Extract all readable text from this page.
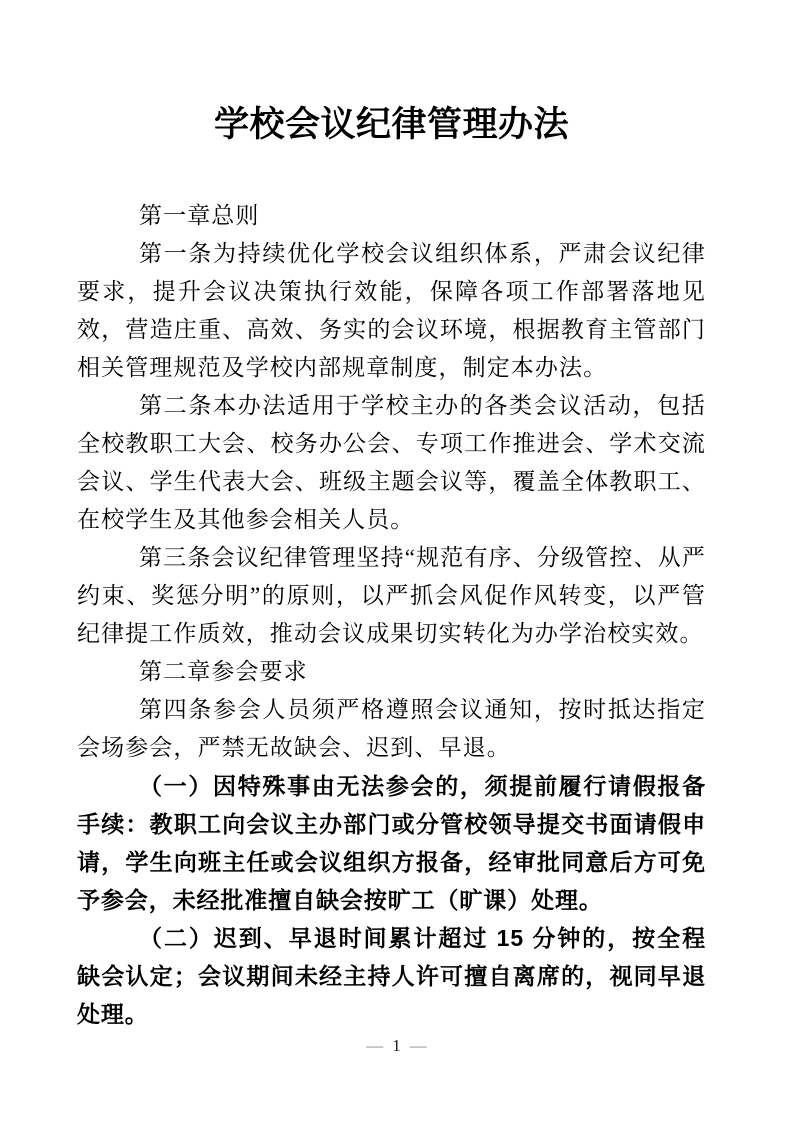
学校会议纪律管理办法

第一章总则

第一条为持续优化学校会议组织体系，严肃会议纪律要求，提升会议决策执行效能，保障各项工作部署落地见效，营造庄重、高效、务实的会议环境，根据教育主管部门相关管理规范及学校内部规章制度，制定本办法。

第二条本办法适用于学校主办的各类会议活动，包括全校教职工大会、校务办公会、专项工作推进会、学术交流会议、学生代表大会、班级主题会议等，覆盖全体教职工、在校学生及其他参会相关人员。

第三条会议纪律管理坚持“规范有序、分级管控、从严约束、奖惩分明”的原则，以严抓会风促作风转变，以严管纪律提工作质效，推动会议成果切实转化为办学治校实效。

第二章参会要求

第四条参会人员须严格遵照会议通知，按时抵达指定会场参会，严禁无故缺会、迟到、早退。

（一）因特殊事由无法参会的，须提前履行请假报备手续：教职工向会议主办部门或分管校领导提交书面请假申请，学生向班主任或会议组织方报备，经审批同意后方可免予参会，未经批准擅自缺会按旷工（旷课）处理。

（二）迟到、早退时间累计超过 15 分钟的，按全程缺会认定；会议期间未经主持人许可擅自离席的，视同早退处理。

— 1 —
